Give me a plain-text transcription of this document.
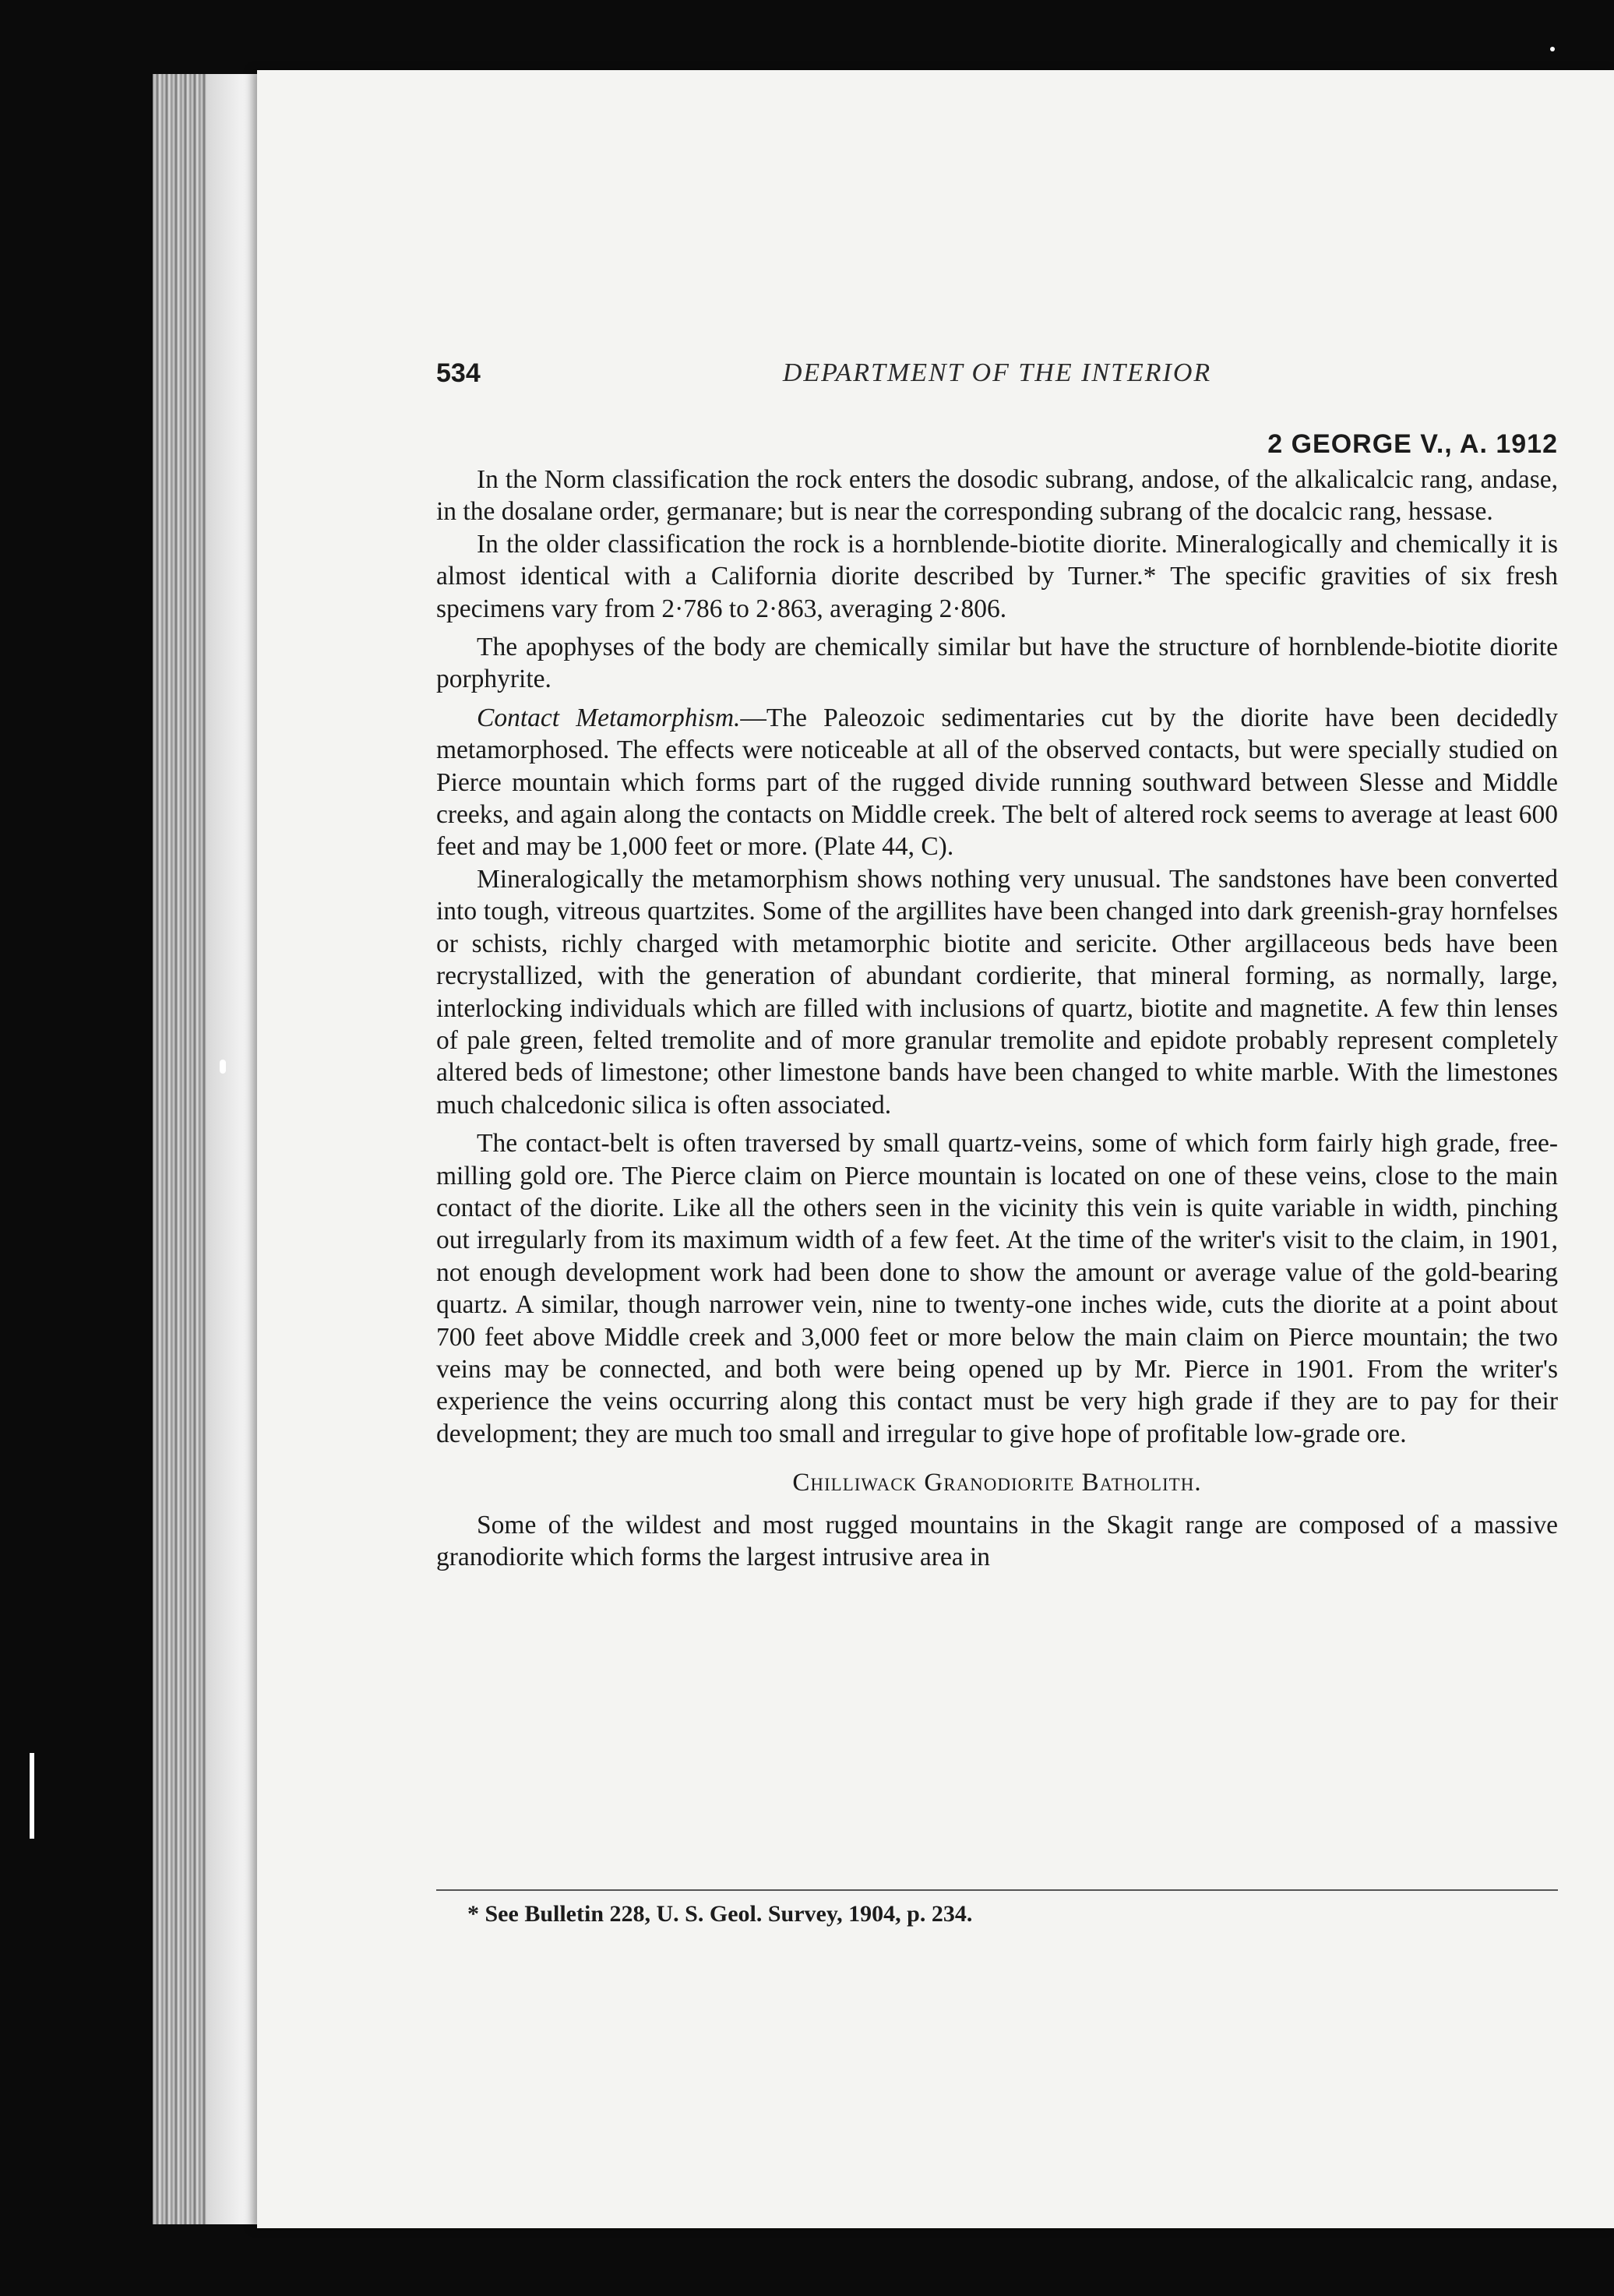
534	DEPARTMENT OF THE INTERIOR
2 GEORGE V., A. 1912

In the Norm classification the rock enters the dosodic subrang, andose, of the alkalicalcic rang, andase, in the dosalane order, germanare; but is near the corresponding subrang of the docalcic rang, hessase.

In the older classification the rock is a hornblende-biotite diorite. Mineralogically and chemically it is almost identical with a California diorite described by Turner.* The specific gravities of six fresh specimens vary from 2·786 to 2·863, averaging 2·806.

The apophyses of the body are chemically similar but have the structure of hornblende-biotite diorite porphyrite.

Contact Metamorphism.—The Paleozoic sedimentaries cut by the diorite have been decidedly metamorphosed. The effects were noticeable at all of the observed contacts, but were specially studied on Pierce mountain which forms part of the rugged divide running southward between Slesse and Middle creeks, and again along the contacts on Middle creek. The belt of altered rock seems to average at least 600 feet and may be 1,000 feet or more. (Plate 44, C).

Mineralogically the metamorphism shows nothing very unusual. The sandstones have been converted into tough, vitreous quartzites. Some of the argillites have been changed into dark greenish-gray hornfelses or schists, richly charged with metamorphic biotite and sericite. Other argillaceous beds have been recrystallized, with the generation of abundant cordierite, that mineral forming, as normally, large, interlocking individuals which are filled with inclusions of quartz, biotite and magnetite. A few thin lenses of pale green, felted tremolite and of more granular tremolite and epidote probably represent completely altered beds of limestone; other limestone bands have been changed to white marble. With the limestones much chalcedonic silica is often associated.

The contact-belt is often traversed by small quartz-veins, some of which form fairly high grade, free-milling gold ore. The Pierce claim on Pierce mountain is located on one of these veins, close to the main contact of the diorite. Like all the others seen in the vicinity this vein is quite variable in width, pinching out irregularly from its maximum width of a few feet. At the time of the writer's visit to the claim, in 1901, not enough development work had been done to show the amount or average value of the gold-bearing quartz. A similar, though narrower vein, nine to twenty-one inches wide, cuts the diorite at a point about 700 feet above Middle creek and 3,000 feet or more below the main claim on Pierce mountain; the two veins may be connected, and both were being opened up by Mr. Pierce in 1901. From the writer's experience the veins occurring along this contact must be very high grade if they are to pay for their development; they are much too small and irregular to give hope of profitable low-grade ore.

Chilliwack Granodiorite Batholith.

Some of the wildest and most rugged mountains in the Skagit range are composed of a massive granodiorite which forms the largest intrusive area in

* See Bulletin 228, U. S. Geol. Survey, 1904, p. 234.
